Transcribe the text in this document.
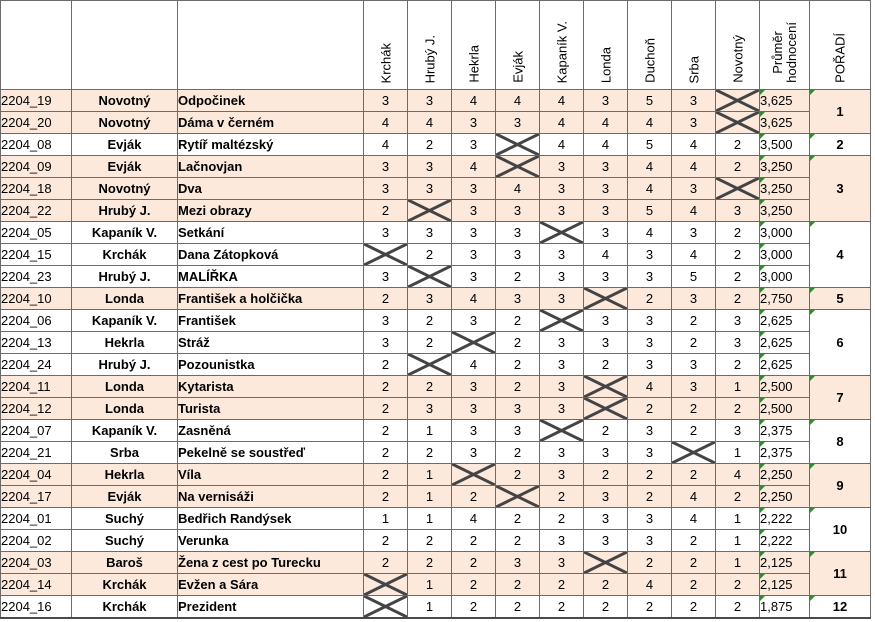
			Krchák	Hrubý J.	Hekrla	Evják	Kapaník V.	Londa	Duchoň	Srba	Novotný	Průměr
hodnocení	POŘADÍ

2204_19	Novotný	Odpočinek	3	3	4	4	4	3	5	3		3,625	1
2204_20	Novotný	Dáma v černém	4	4	3	3	4	4	4	3		3,625	
2204_08	Evják	Rytíř maltézský	4	2	3		4	4	5	4	2	3,500	2
2204_09	Evják	Lačnovjan	3	3	4		3	3	4	4	2	3,250	3
2204_18	Novotný	Dva	3	3	3	4	3	3	4	3		3,250	
2204_22	Hrubý J.	Mezi obrazy	2		3	3	3	3	5	4	3	3,250	
2204_05	Kapaník V.	Setkání	3	3	3	3		3	4	3	2	3,000	4
2204_15	Krchák	Dana Zátopková		2	3	3	3	4	3	4	2	3,000	
2204_23	Hrubý J.	MALÍŘKA	3		3	2	3	3	3	5	2	3,000	
2204_10	Londa	František a holčička	2	3	4	3	3		2	3	2	2,750	5
2204_06	Kapaník V.	František	3	2	3	2		3	3	2	3	2,625	6
2204_13	Hekrla	Stráž	3	2		2	3	3	3	2	3	2,625	
2204_24	Hrubý J.	Pozounistka	2		4	2	3	2	3	3	2	2,625	
2204_11	Londa	Kytarista	2	2	3	2	3		4	3	1	2,500	7
2204_12	Londa	Turista	2	3	3	3	3		2	2	2	2,500	
2204_07	Kapaník V.	Zasněná	2	1	3	3		2	3	2	3	2,375	8
2204_21	Srba	Pekelně se soustřeď	2	2	3	2	3	3	3		1	2,375	
2204_04	Hekrla	Víla	2	1		2	3	2	2	2	4	2,250	9
2204_17	Evják	Na vernisáži	2	1	2		2	3	2	4	2	2,250	
2204_01	Suchý	Bedřich Randýsek	1	1	4	2	2	3	3	4	1	2,222	10
2204_02	Suchý	Verunka	2	2	2	2	3	3	3	2	1	2,222	
2204_03	Baroš	Žena z cest po Turecku	2	2	2	3	3		2	2	1	2,125	11
2204_14	Krchák	Evžen a Sára		1	2	2	2	2	4	2	2	2,125	
2204_16	Krchák	Prezident		1	2	2	2	2	2	2	2	1,875	12
